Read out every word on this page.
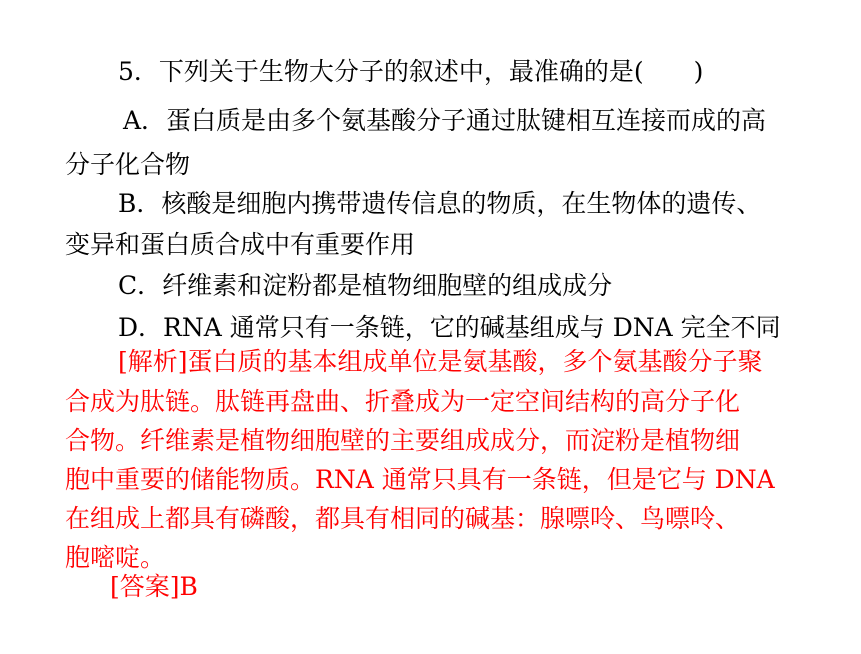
5．下列关于生物大分子的叙述中，最准确的是(　　)
A．蛋白质是由多个氨基酸分子通过肽键相互连接而成的高
分子化合物
B．核酸是细胞内携带遗传信息的物质，在生物体的遗传、
变异和蛋白质合成中有重要作用
C．纤维素和淀粉都是植物细胞壁的组成成分
D．RNA 通常只有一条链，它的碱基组成与 DNA 完全不同
[解析]蛋白质的基本组成单位是氨基酸，多个氨基酸分子聚
合成为肽链。肽链再盘曲、折叠成为一定空间结构的高分子化
合物。纤维素是植物细胞壁的主要组成成分，而淀粉是植物细
胞中重要的储能物质。RNA 通常只具有一条链，但是它与 DNA
在组成上都具有磷酸，都具有相同的碱基：腺嘌呤、鸟嘌呤、
胞嘧啶。
[答案]B
